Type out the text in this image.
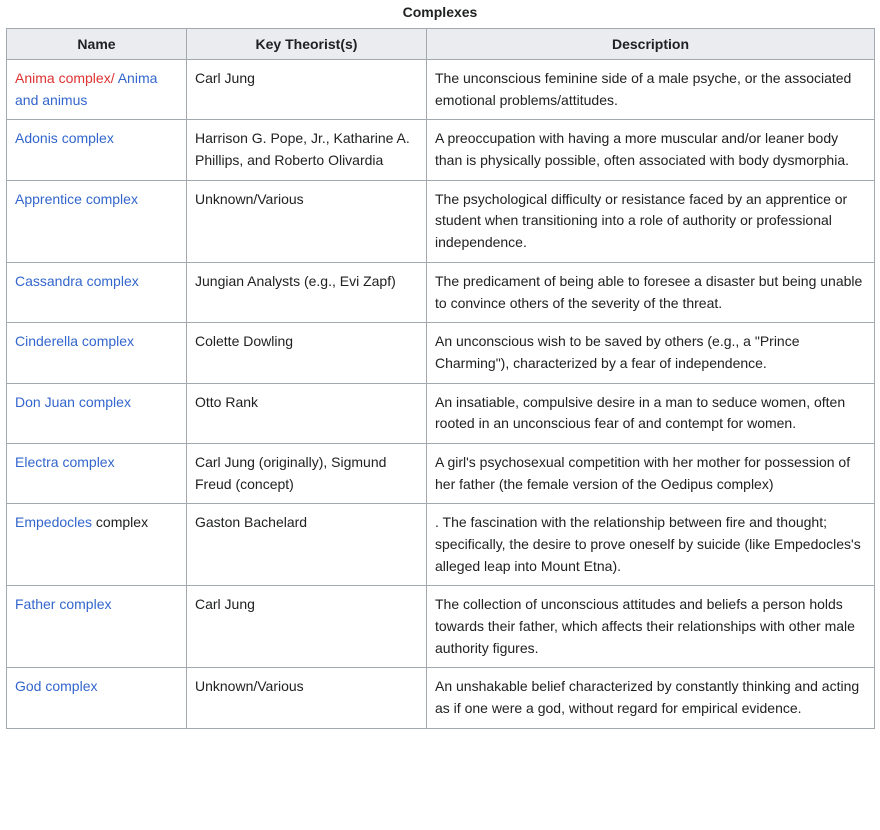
Complexes
Name	Key Theorist(s)	Description
Anima complex/ Anima and animus	Carl Jung	The unconscious feminine side of a male psyche, or the associated emotional problems/attitudes.
Adonis complex	Harrison G. Pope, Jr., Katharine A. Phillips, and Roberto Olivardia	A preoccupation with having a more muscular and/or leaner body than is physically possible, often associated with body dysmorphia.
Apprentice complex	Unknown/Various	The psychological difficulty or resistance faced by an apprentice or student when transitioning into a role of authority or professional independence.
Cassandra complex	Jungian Analysts (e.g., Evi Zapf)	The predicament of being able to foresee a disaster but being unable to convince others of the severity of the threat.
Cinderella complex	Colette Dowling	An unconscious wish to be saved by others (e.g., a "Prince Charming"), characterized by a fear of independence.
Don Juan complex	Otto Rank	An insatiable, compulsive desire in a man to seduce women, often rooted in an unconscious fear of and contempt for women.
Electra complex	Carl Jung (originally), Sigmund Freud (concept)	A girl's psychosexual competition with her mother for possession of her father (the female version of the Oedipus complex)
Empedocles complex	Gaston Bachelard	. The fascination with the relationship between fire and thought; specifically, the desire to prove oneself by suicide (like Empedocles's alleged leap into Mount Etna).
Father complex	Carl Jung	The collection of unconscious attitudes and beliefs a person holds towards their father, which affects their relationships with other male authority figures.
God complex	Unknown/Various	An unshakable belief characterized by constantly thinking and acting as if one were a god, without regard for empirical evidence.
